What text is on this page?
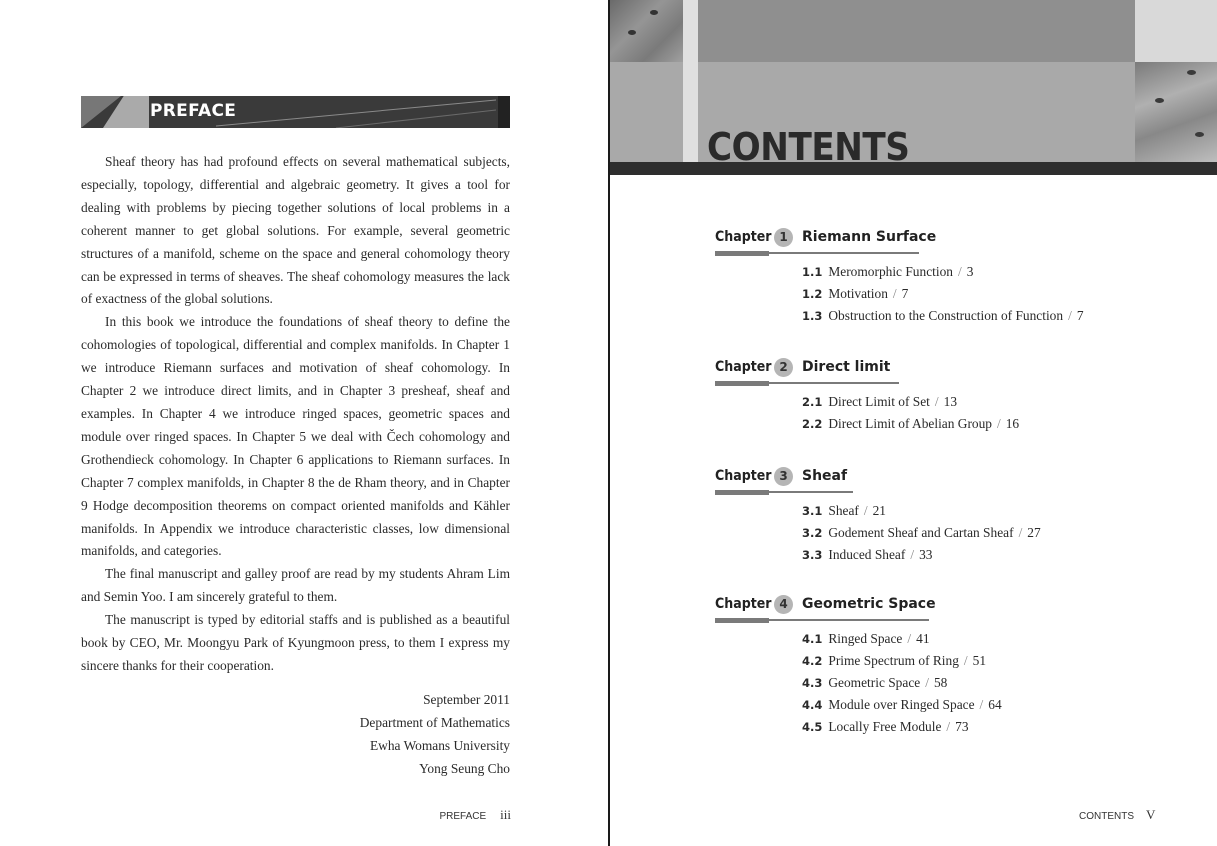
PREFACE

Sheaf theory has had profound effects on several mathematical subjects, especially, topology, differential and algebraic geometry. It gives a tool for dealing with problems by piecing together solutions of local problems in a coherent manner to get global solutions. For example, several geometric structures of a manifold, scheme on the space and general cohomology theory can be expressed in terms of sheaves. The sheaf cohomology measures the lack of exactness of the global solutions.

In this book we introduce the foundations of sheaf theory to define the cohomologies of topological, differential and complex manifolds. In Chapter 1 we introduce Riemann surfaces and motivation of sheaf cohomology. In Chapter 2 we introduce direct limits, and in Chapter 3 presheaf, sheaf and examples. In Chapter 4 we introduce ringed spaces, geometric spaces and module over ringed spaces. In Chapter 5 we deal with Čech cohomology and Grothendieck cohomology. In Chapter 6 applications to Riemann surfaces. In Chapter 7 complex manifolds, in Chapter 8 the de Rham theory, and in Chapter 9 Hodge decomposition theorems on compact oriented manifolds and Kähler manifolds. In Appendix we introduce characteristic classes, low dimensional manifolds, and categories.

The final manuscript and galley proof are read by my students Ahram Lim and Semin Yoo. I am sincerely grateful to them.

The manuscript is typed by editorial staffs and is published as a beautiful book by CEO, Mr. Moongyu Park of Kyungmoon press, to them I express my sincere thanks for their cooperation.

September 2011
Department of Mathematics
Ewha Womans University
Yong Seung Cho
PREFACE iii
CONTENTS
Chapter 1	Riemann Surface
1.1 Meromorphic Function / 3
1.2 Motivation / 7
1.3 Obstruction to the Construction of Function / 7
Chapter 2	Direct limit
2.1 Direct Limit of Set / 13
2.2 Direct Limit of Abelian Group / 16
Chapter 3	Sheaf
3.1 Sheaf / 21
3.2 Godement Sheaf and Cartan Sheaf / 27
3.3 Induced Sheaf / 33
Chapter 4	Geometric Space
4.1 Ringed Space / 41
4.2 Prime Spectrum of Ring / 51
4.3 Geometric Space / 58
4.4 Module over Ringed Space / 64
4.5 Locally Free Module / 73
CONTENTS V
